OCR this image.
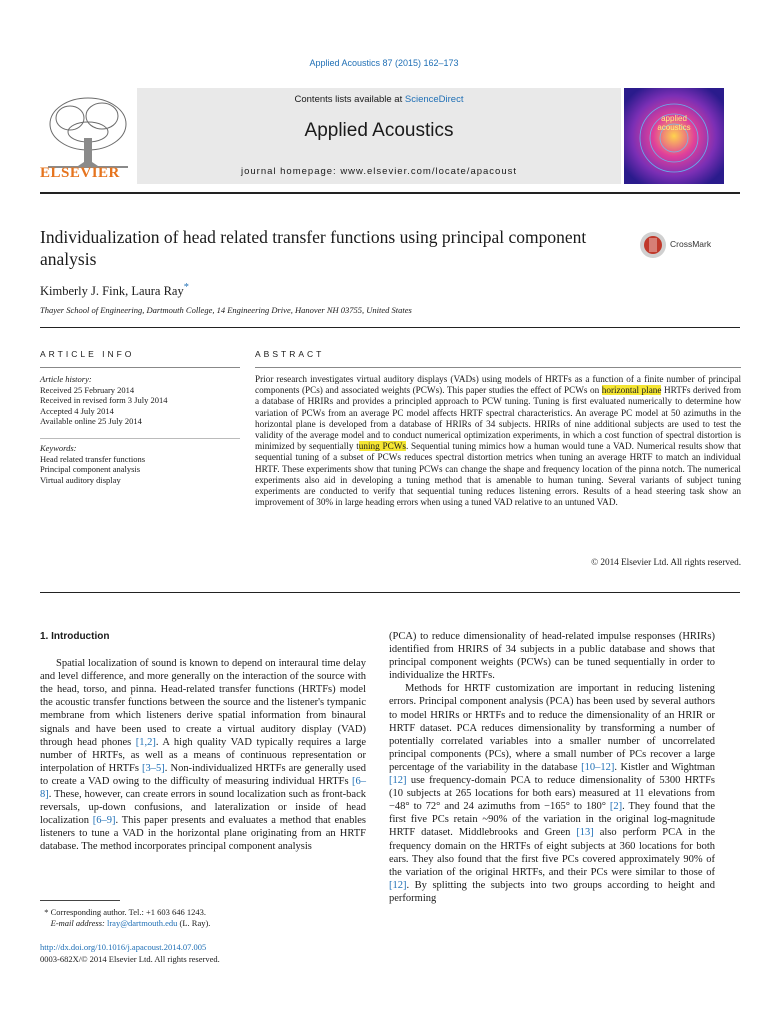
Applied Acoustics 87 (2015) 162–173
ELSEVIER
Contents lists available at ScienceDirect
Applied Acoustics
journal homepage: www.elsevier.com/locate/apacoust
applied
acoustics
Individualization of head related transfer functions using principal component analysis
CrossMark
Kimberly J. Fink, Laura Ray*
Thayer School of Engineering, Dartmouth College, 14 Engineering Drive, Hanover NH 03755, United States
ARTICLE INFO
Article history:
Received 25 February 2014
Received in revised form 3 July 2014
Accepted 4 July 2014
Available online 25 July 2014
Keywords:
Head related transfer functions
Principal component analysis
Virtual auditory display
ABSTRACT
Prior research investigates virtual auditory displays (VADs) using models of HRTFs as a function of a finite number of principal components (PCs) and associated weights (PCWs). This paper studies the effect of PCWs on horizontal plane HRTFs derived from a database of HRIRs and provides a principled approach to PCW tuning. Tuning is first evaluated numerically to determine how variation of PCWs from an average PC model affects HRTF spectral characteristics. An average PC model at 50 azimuths in the horizontal plane is developed from a database of HRIRs of 34 subjects. HRIRs of nine additional subjects are used to test the validity of the average model and to conduct numerical optimization experiments, in which a cost function of spectral distortion is minimized by sequentially tuning PCWs. Sequential tuning mimics how a human would tune a VAD. Numerical results show that sequential tuning of a subset of PCWs reduces spectral distortion metrics when tuning an average HRTF to match an individual HRTF. These experiments show that tuning PCWs can change the shape and frequency location of the pinna notch. The numerical experiments also aid in developing a tuning method that is amenable to human tuning. Several variants of subject tuning experiments are conducted to verify that sequential tuning reduces listening errors. Results of a head steering task show an improvement of 30% in large heading errors when using a tuned VAD relative to an untuned VAD.
© 2014 Elsevier Ltd. All rights reserved.

1. Introduction

Spatial localization of sound is known to depend on interaural time delay and level difference, and more generally on the interaction of the source with the head, torso, and pinna. Head-related transfer functions (HRTFs) model the acoustic transfer functions between the source and the listener's tympanic membrane from which listeners derive spatial information from binaural signals and have been used to create a virtual auditory display (VAD) through head phones [1,2]. A high quality VAD typically requires a large number of HRTFs, as well as a means of continuous representation or interpolation of HRTFs [3–5]. Non-individualized HRTFs are generally used to create a VAD owing to the difficulty of measuring individual HRTFs [6–8]. These, however, can create errors in sound localization such as front-back reversals, up-down confusions, and lateralization or inside of head localization [6–9]. This paper presents and evaluates a method that enables listeners to tune a VAD in the horizontal plane originating from an HRTF database. The method incorporates principal component analysis

(PCA) to reduce dimensionality of head-related impulse responses (HRIRs) identified from HRIRS of 34 subjects in a public database and shows that principal component weights (PCWs) can be tuned sequentially in order to individualize the HRTFs.

Methods for HRTF customization are important in reducing listening errors. Principal component analysis (PCA) has been used by several authors to model HRIRs or HRTFs and to reduce the dimensionality of an HRIR or HRTF dataset. PCA reduces dimensionality by transforming a number of potentially correlated variables into a smaller number of uncorrelated principal components (PCs), where a small number of PCs recover a large percentage of the variability in the database [10–12]. Kistler and Wightman [12] use frequency-domain PCA to reduce dimensionality of 5300 HRTFs (10 subjects at 265 locations for both ears) measured at 11 elevations from −48° to 72° and 24 azimuths from −165° to 180° [2]. They found that the first five PCs retain ~90% of the variation in the original log-magnitude HRTF dataset. Middlebrooks and Green [13] also perform PCA in the frequency domain on the HRTFs of eight subjects at 360 locations for both ears. They also found that the first five PCs covered approximately 90% of the variation of the original HRTFs, and their PCs were similar to those of [12]. By splitting the subjects into two groups according to height and performing

* Corresponding author. Tel.: +1 603 646 1243.
E-mail address: lray@dartmouth.edu (L. Ray).
http://dx.doi.org/10.1016/j.apacoust.2014.07.005
0003-682X/© 2014 Elsevier Ltd. All rights reserved.
